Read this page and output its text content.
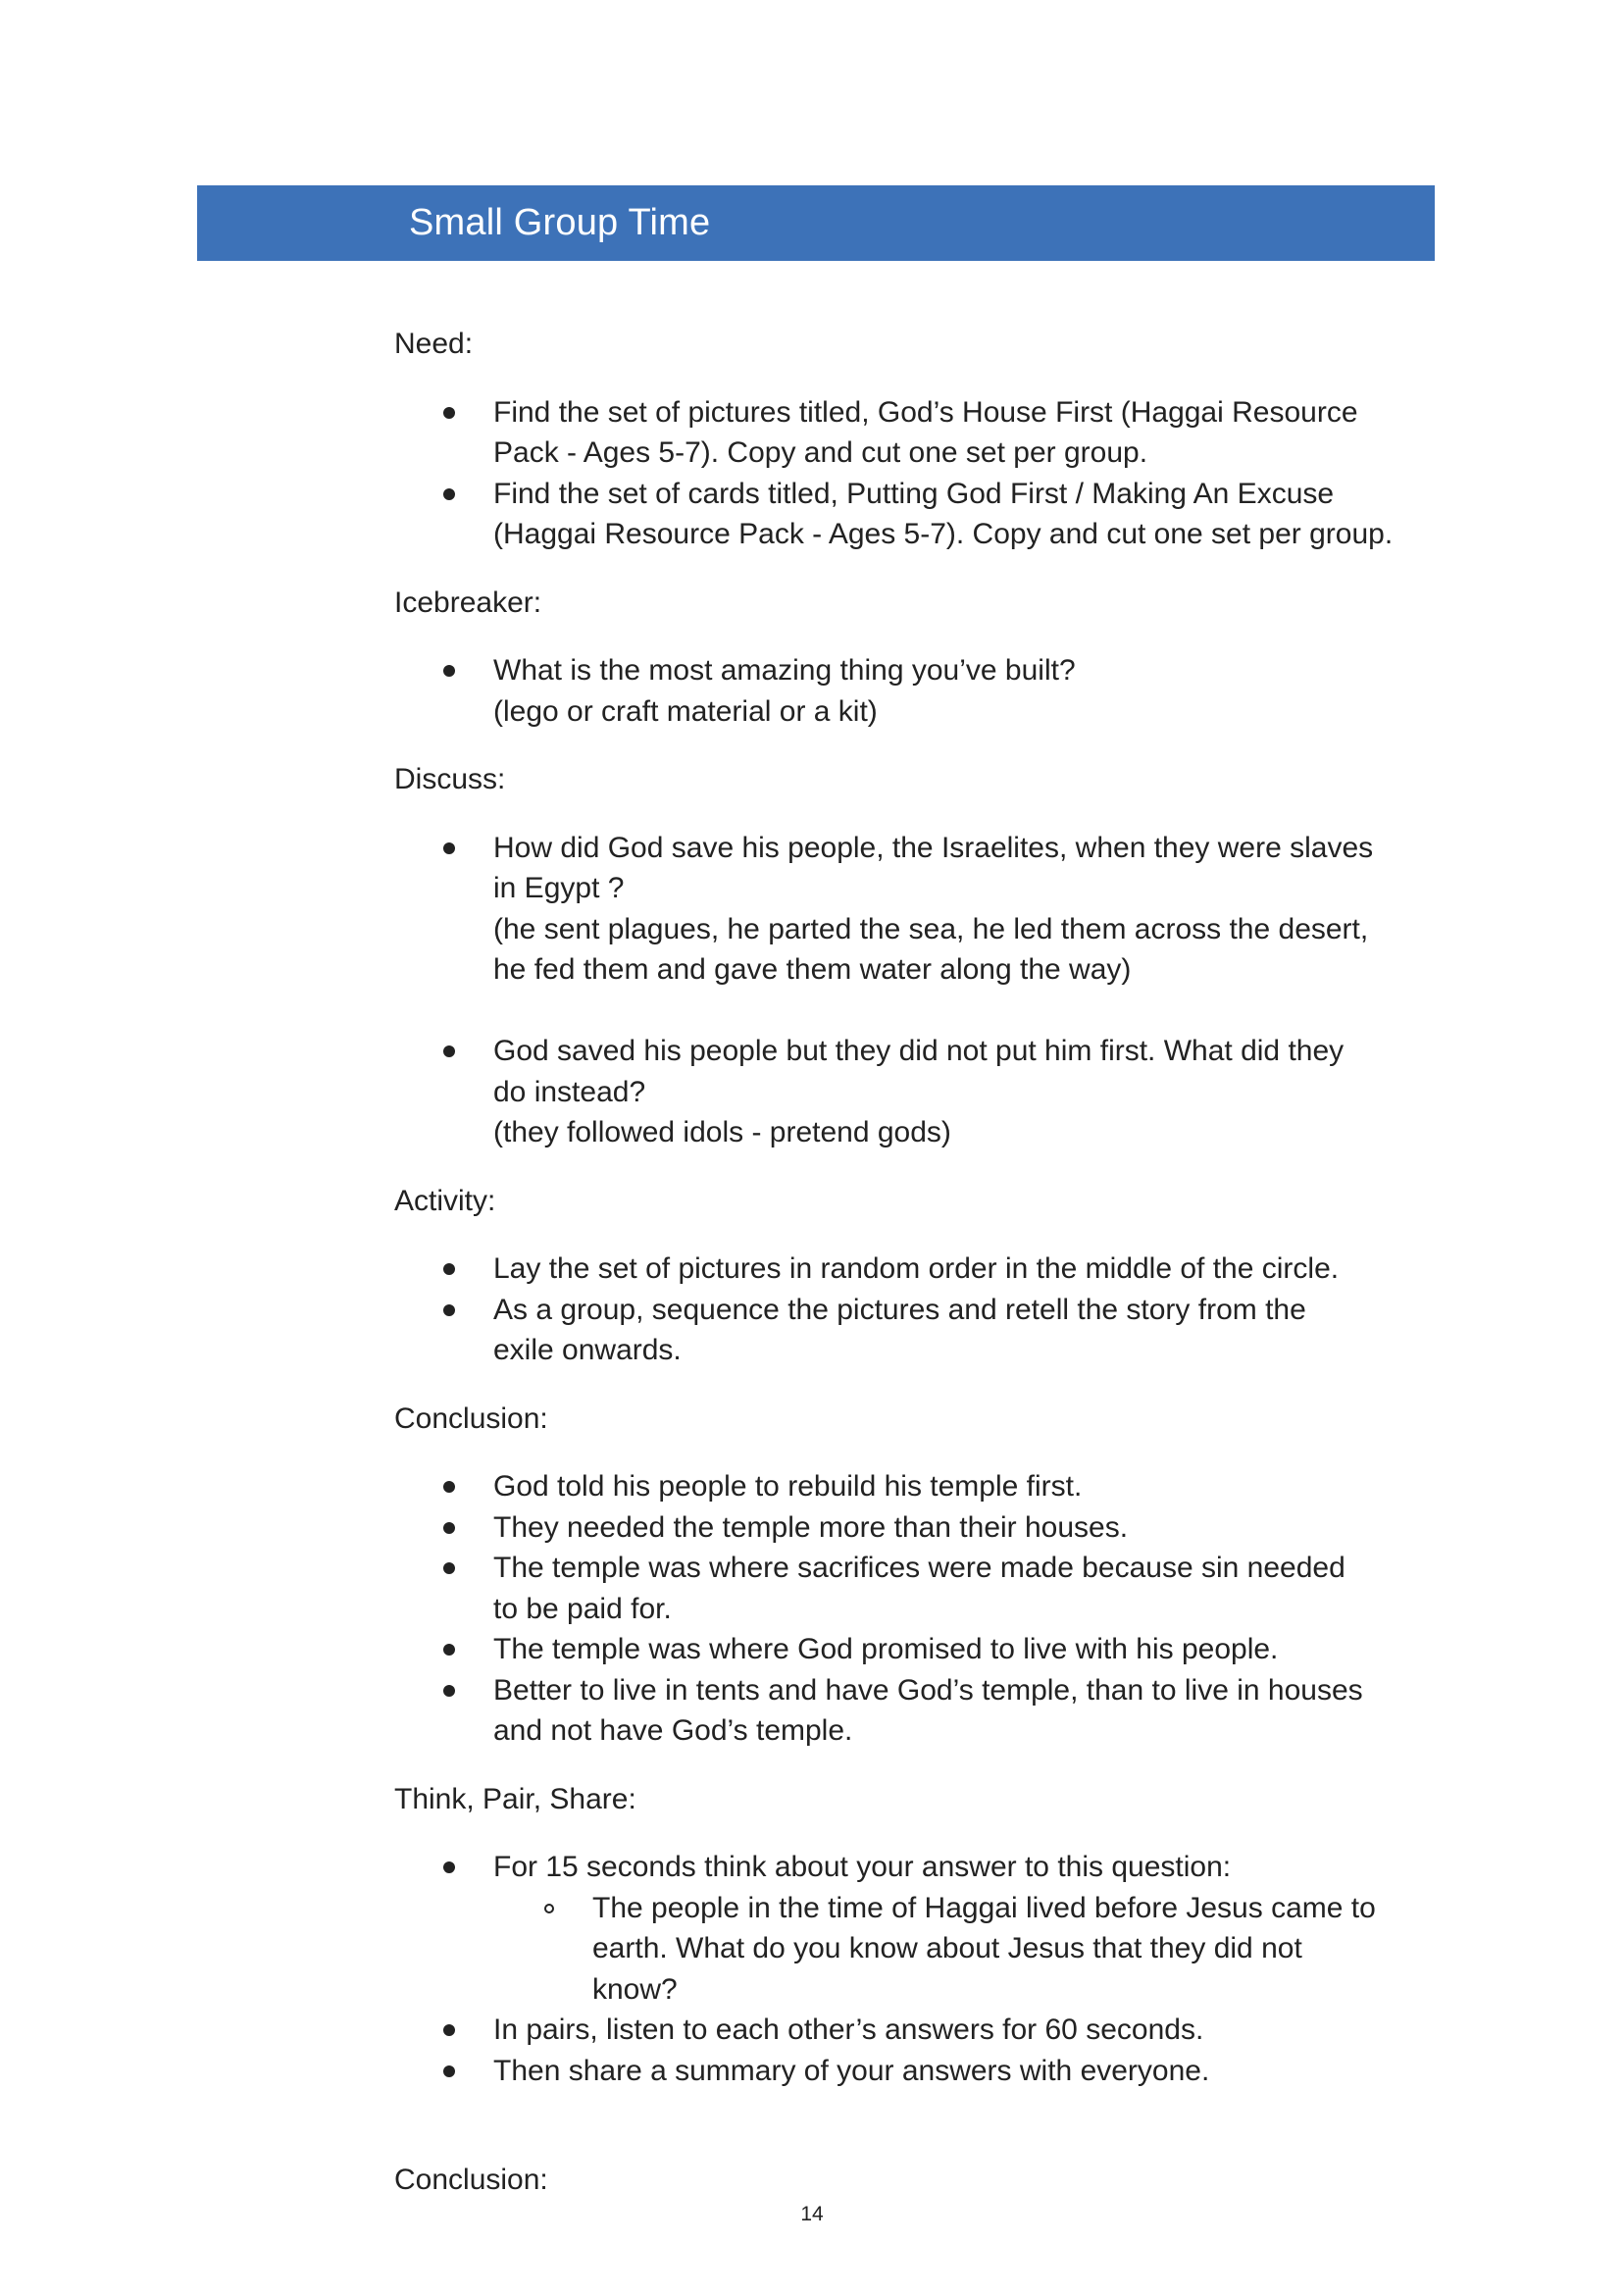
Small Group Time

Need:

Find the set of pictures titled, God’s House First (Haggai Resource
Pack - Ages 5-7). Copy and cut one set per group.
Find the set of cards titled, Putting God First / Making An Excuse
(Haggai Resource Pack - Ages 5-7). Copy and cut one set per group.

Icebreaker:

What is the most amazing thing you’ve built?
(lego or craft material or a kit)

Discuss:

How did God save his people, the Israelites, when they were slaves
in Egypt ?
(he sent plagues, he parted the sea, he led them across the desert,
he fed them and gave them water along the way)
God saved his people but they did not put him first. What did they
do instead?
(they followed idols - pretend gods)

Activity:

Lay the set of pictures in random order in the middle of the circle.
As a group, sequence the pictures and retell the story from the
exile onwards.

Conclusion:

God told his people to rebuild his temple first.
They needed the temple more than their houses.
The temple was where sacrifices were made because sin needed
to be paid for.
The temple was where God promised to live with his people.
Better to live in tents and have God’s temple, than to live in houses
and not have God’s temple.

Think, Pair, Share:

For 15 seconds think about your answer to this question:
The people in the time of Haggai lived before Jesus came to
earth. What do you know about Jesus that they did not
know?
In pairs, listen to each other’s answers for 60 seconds.
Then share a summary of your answers with everyone.

Conclusion:

14
